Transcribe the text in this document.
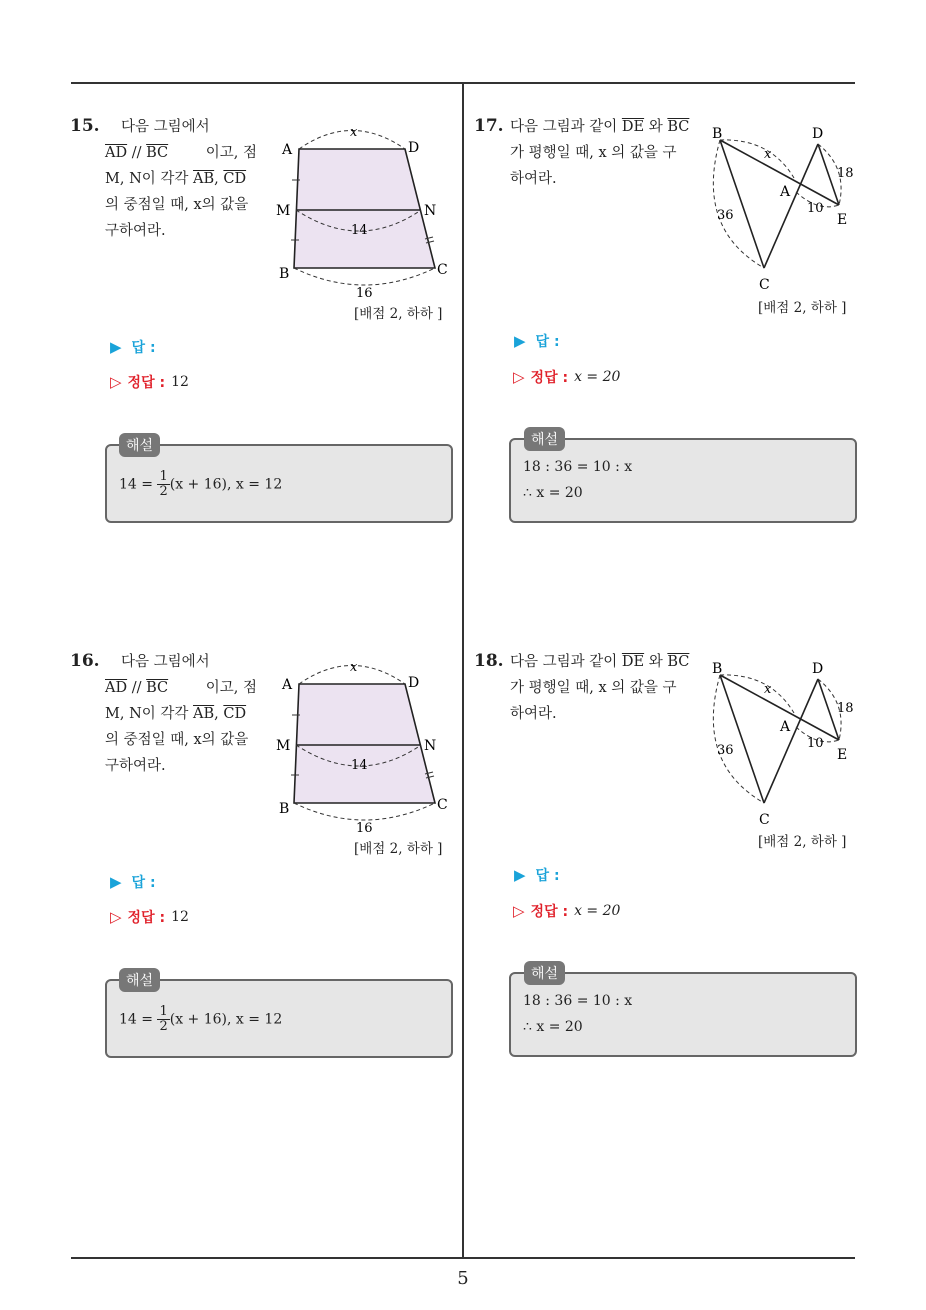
15. 다음 그림에서
$\overline{AD} // \overline{BC}$	이고, 점
M, N이 각각 $\overline{AB}$, $\overline{CD}$
의 중점일 때, x의 값을
구하여라.
A	D
M	N
B	C
x
14
16
[배점 2, 하하 ]
▶ 답 :
▷ 정답 : 12
$14 = \frac{1}{2} (x + 16)$, x = 12
해설
16. 다음 그림에서
$\overline{AD} // \overline{BC}$	이고, 점
M, N이 각각 $\overline{AB}$, $\overline{CD}$
의 중점일 때, x의 값을
구하여라.
A	D
M	N
B	C
x
14
16
[배점 2, 하하 ]
▶ 답 :
▷ 정답 : 12
$14 = \frac{1}{2} (x + 16)$, x = 12
해설
17. 다음 그림과 같이 $\overline{DE}$ 와 $\overline{BC}$
가 평행일 때, x 의 값을 구
하여라.
B	D
A
E
C
x
18
10
36
[배점 2, 하하 ]
▶ 답 :
▷ 정답 : x = 20
18 : 36 = 10 : x
∴ x = 20
해설
18. 다음 그림과 같이 $\overline{DE}$ 와 $\overline{BC}$
가 평행일 때, x 의 값을 구
하여라.
B	D
A
E
C
x
18
10
36
[배점 2, 하하 ]
▶ 답 :
▷ 정답 : x = 20
18 : 36 = 10 : x
∴ x = 20
해설
5
